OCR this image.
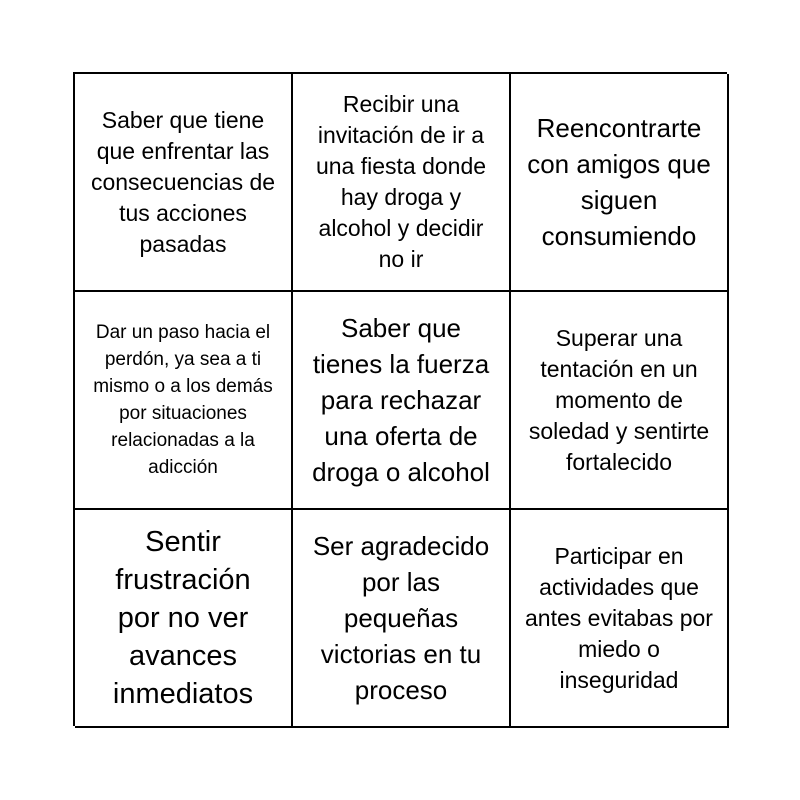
Saber que tiene que enfrentar las consecuencias de tus acciones pasadas
Recibir una invitación de ir a una fiesta donde hay droga y alcohol y decidir no ir
Reencontrarte con amigos que siguen consumiendo
Dar un paso hacia el perdón, ya sea a ti mismo o a los demás por situaciones relacionadas a la adicción
Saber que tienes la fuerza para rechazar una oferta de droga o alcohol
Superar una tentación en un momento de soledad y sentirte fortalecido
Sentir frustración por no ver avances inmediatos
Ser agradecido por las pequeñas victorias en tu proceso
Participar en actividades que antes evitabas por miedo o inseguridad
